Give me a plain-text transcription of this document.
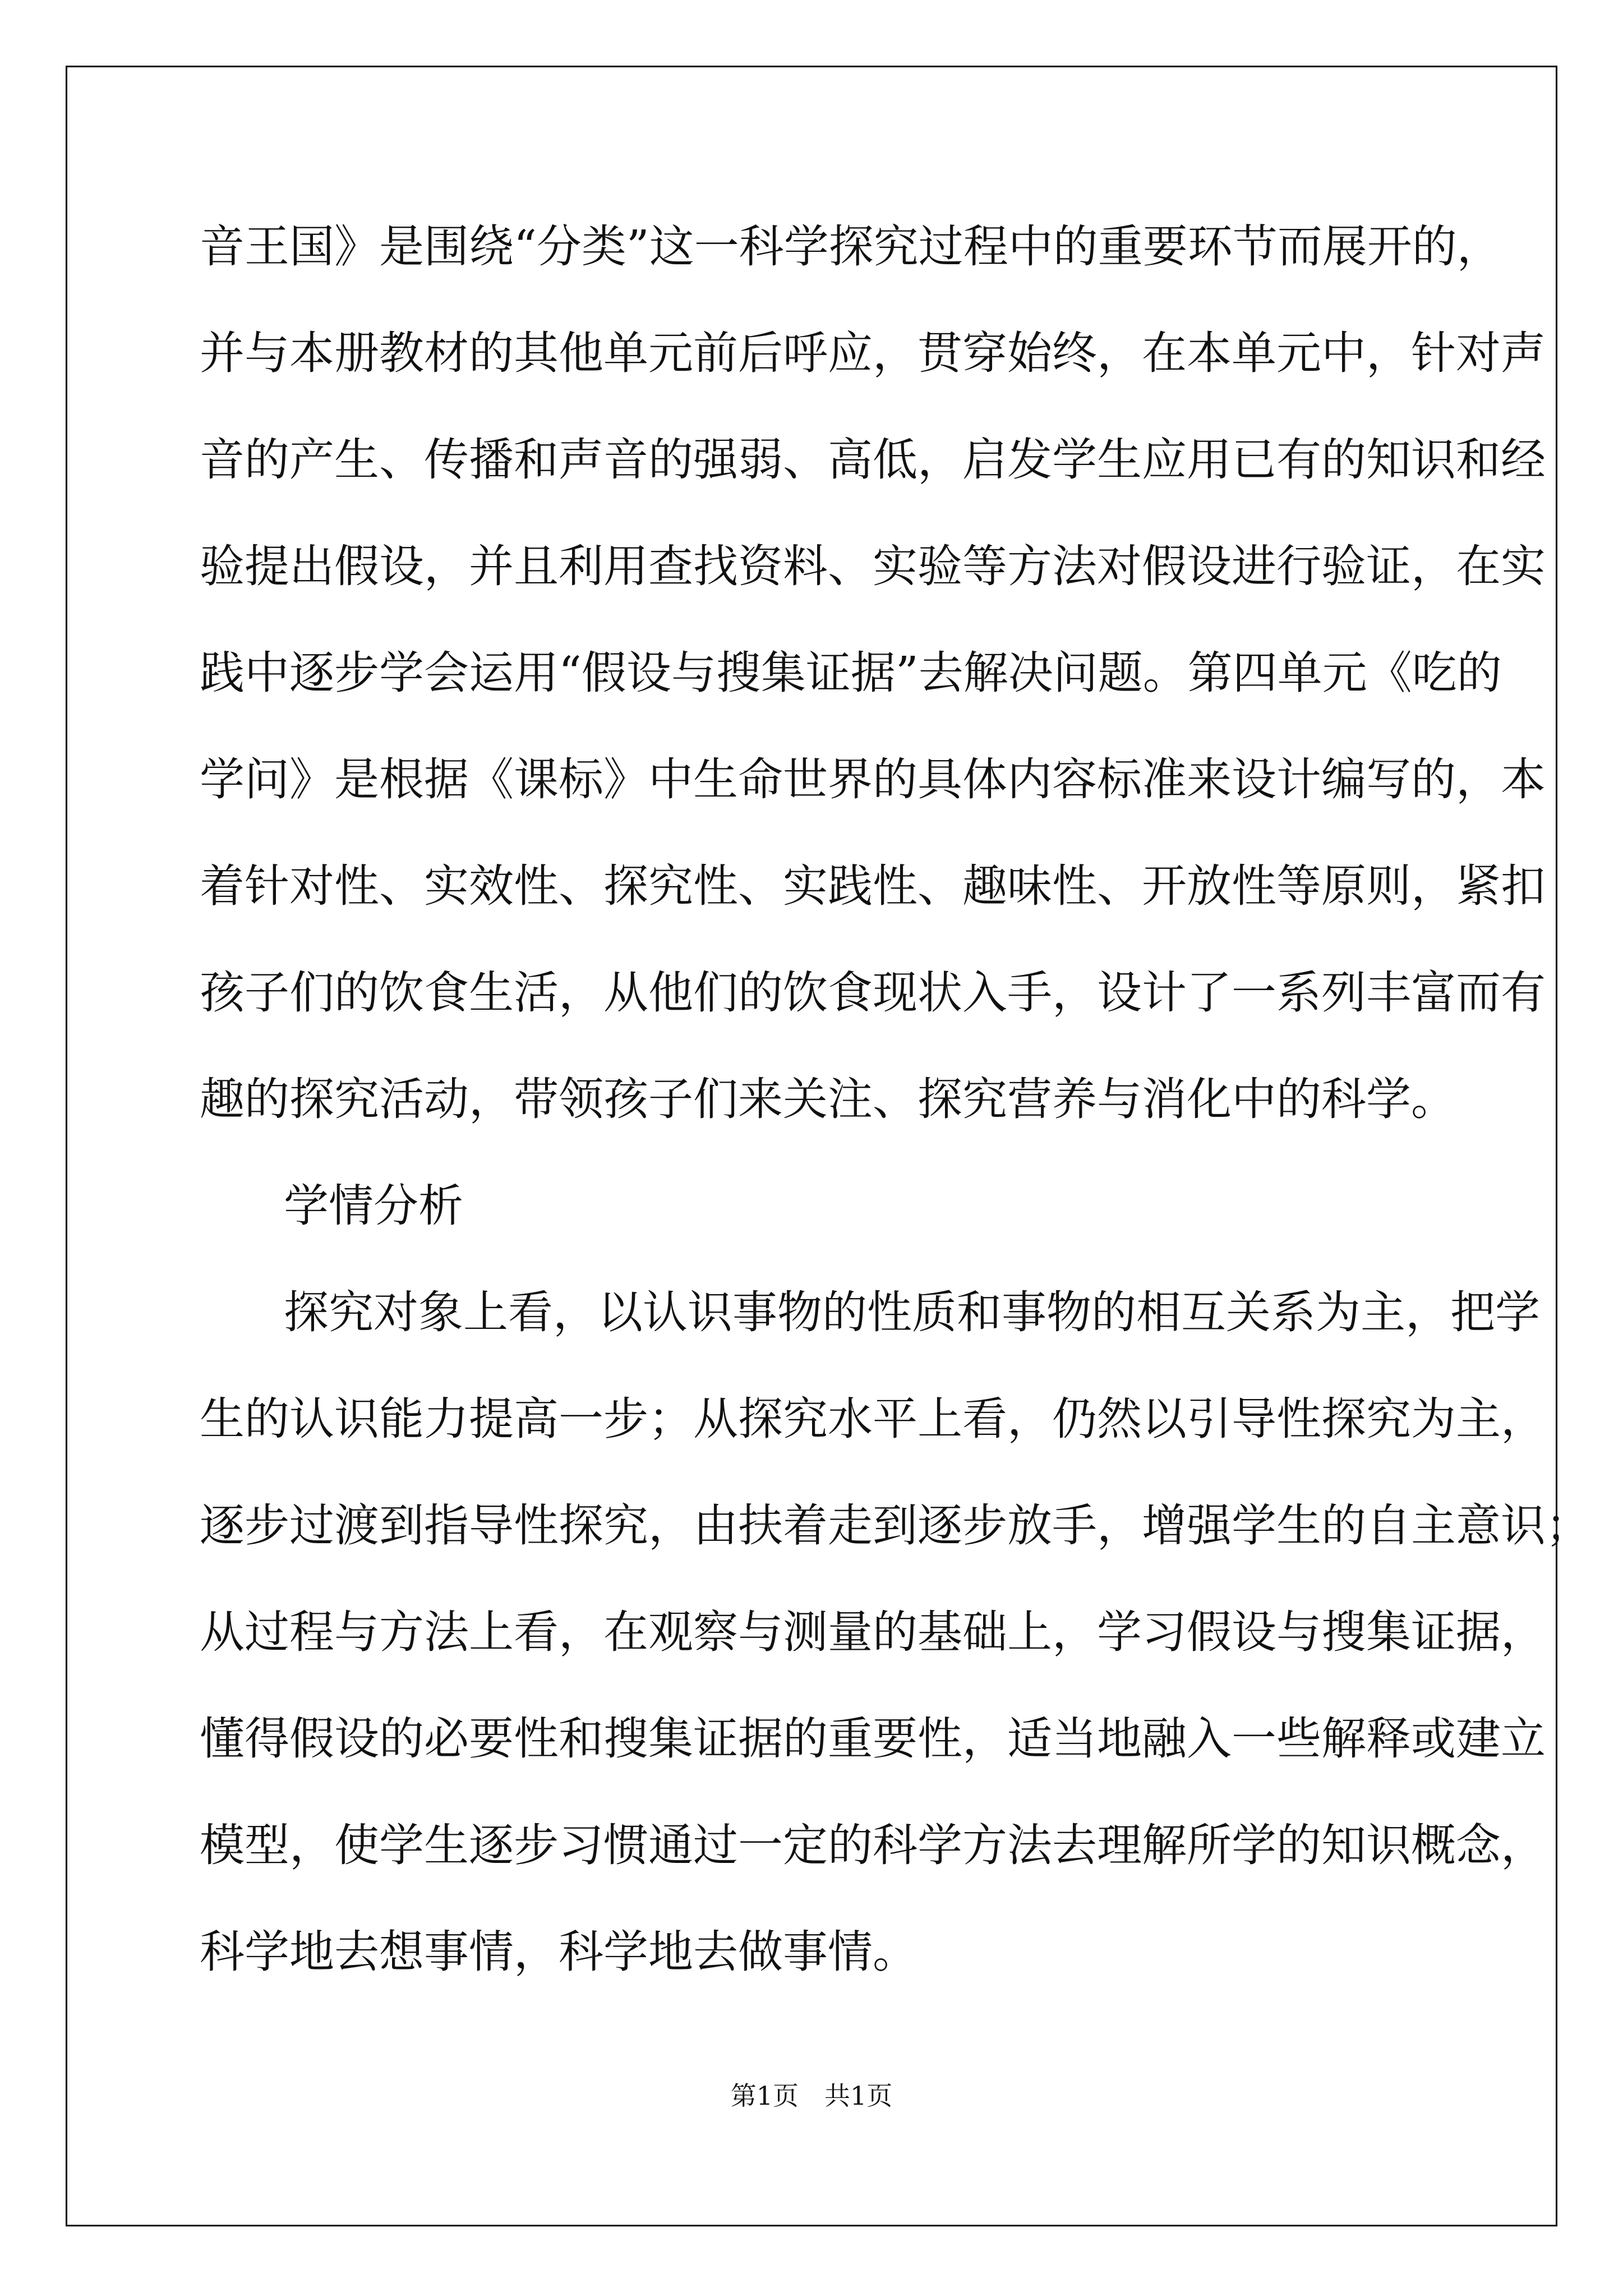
音王国》是围绕“分类”这一科学探究过程中的重要环节而展开的，
并与本册教材的其他单元前后呼应，贯穿始终，在本单元中，针对声
音的产生、传播和声音的强弱、高低，启发学生应用已有的知识和经
验提出假设，并且利用查找资料、实验等方法对假设进行验证，在实
践中逐步学会运用“假设与搜集证据”去解决问题。第四单元《吃的
学问》是根据《课标》中生命世界的具体内容标准来设计编写的，本
着针对性、实效性、探究性、实践性、趣味性、开放性等原则，紧扣
孩子们的饮食生活，从他们的饮食现状入手，设计了一系列丰富而有
趣的探究活动，带领孩子们来关注、探究营养与消化中的科学。
学情分析
探究对象上看，以认识事物的性质和事物的相互关系为主，把学
生的认识能力提高一步；从探究水平上看，仍然以引导性探究为主，
逐步过渡到指导性探究，由扶着走到逐步放手，增强学生的自主意识；
从过程与方法上看，在观察与测量的基础上，学习假设与搜集证据，
懂得假设的必要性和搜集证据的重要性，适当地融入一些解释或建立
模型，使学生逐步习惯通过一定的科学方法去理解所学的知识概念，
科学地去想事情，科学地去做事情。
第1页　共1页
